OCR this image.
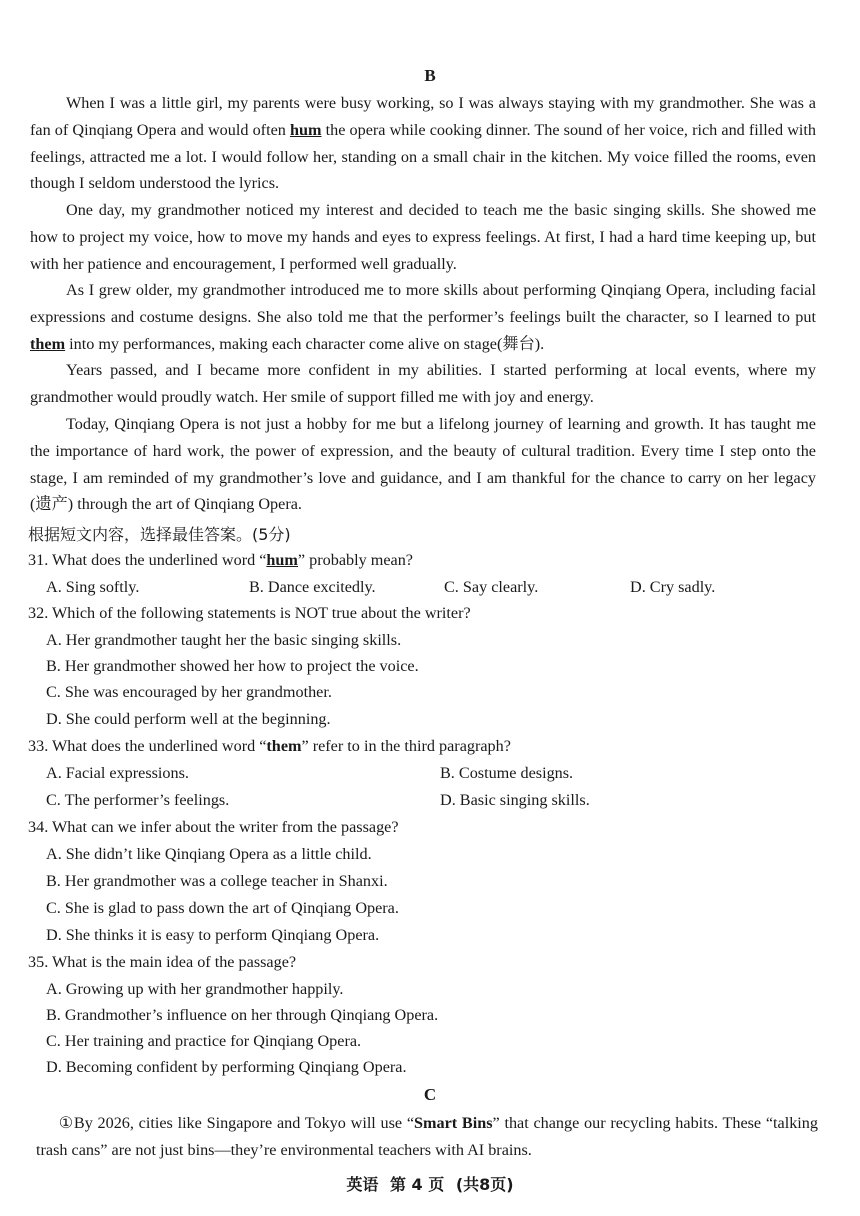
B
When I was a little girl, my parents were busy working, so I was always staying with my grandmother. She was a fan of Qinqiang Opera and would often hum the opera while cooking dinner. The sound of her voice, rich and filled with feelings, attracted me a lot. I would follow her, standing on a small chair in the kitchen. My voice filled the rooms, even though I seldom understood the lyrics.
One day, my grandmother noticed my interest and decided to teach me the basic singing skills. She showed me how to project my voice, how to move my hands and eyes to express feelings. At first, I had a hard time keeping up, but with her patience and encouragement, I performed well gradually.
As I grew older, my grandmother introduced me to more skills about performing Qinqiang Opera, including facial expressions and costume designs. She also told me that the performer’s feelings built the character, so I learned to put them into my performances, making each character come alive on stage(舞台).
Years passed, and I became more confident in my abilities. I started performing at local events, where my grandmother would proudly watch. Her smile of support filled me with joy and energy.
Today, Qinqiang Opera is not just a hobby for me but a lifelong journey of learning and growth. It has taught me the importance of hard work, the power of expression, and the beauty of cultural tradition. Every time I step onto the stage, I am reminded of my grandmother’s love and guidance, and I am thankful for the chance to carry on her legacy (遗产) through the art of Qinqiang Opera.
根据短文内容，选择最佳答案。(5分)
31. What does the underlined word “hum” probably mean?
A. Sing softly.	B. Dance excitedly.	C. Say clearly.	D. Cry sadly.
32. Which of the following statements is NOT true about the writer?
A. Her grandmother taught her the basic singing skills.
B. Her grandmother showed her how to project the voice.
C. She was encouraged by her grandmother.
D. She could perform well at the beginning.
33. What does the underlined word “them” refer to in the third paragraph?
A. Facial expressions.	B. Costume designs.
C. The performer’s feelings.	D. Basic singing skills.
34. What can we infer about the writer from the passage?
A. She didn’t like Qinqiang Opera as a little child.
B. Her grandmother was a college teacher in Shanxi.
C. She is glad to pass down the art of Qinqiang Opera.
D. She thinks it is easy to perform Qinqiang Opera.
35. What is the main idea of the passage?
A. Growing up with her grandmother happily.
B. Grandmother’s influence on her through Qinqiang Opera.
C. Her training and practice for Qinqiang Opera.
D. Becoming confident by performing Qinqiang Opera.
C
①By 2026, cities like Singapore and Tokyo will use “Smart Bins” that change our recycling habits. These “talking trash cans” are not just bins—they’re environmental teachers with AI brains.
英语 第 4 页 (共8页)
